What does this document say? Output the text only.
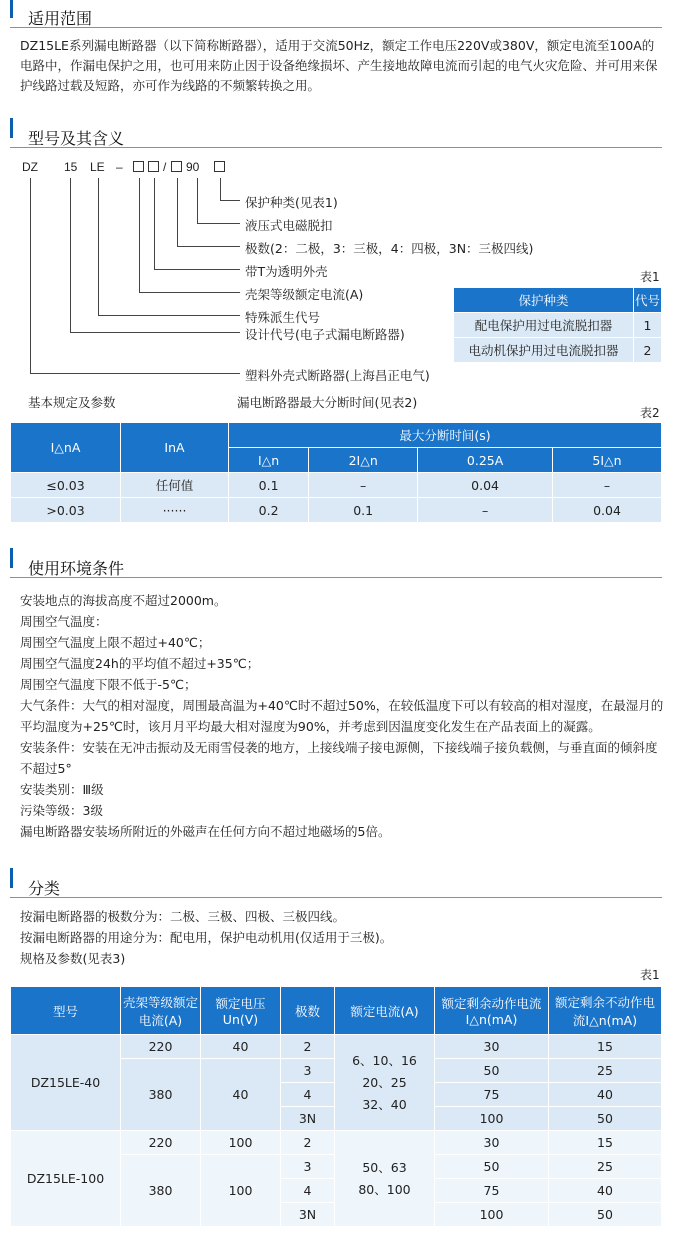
适用范围
DZ15LE系列漏电断路器（以下简称断路器），适用于交流50Hz，额定工作电压220V或380V，额定电流至100A的电路中，作漏电保护之用，也可用来防止因于设备绝缘损坏、产生接地故障电流而引起的电气火灾危险、并可用来保护线路过载及短路，亦可作为线路的不频繁转换之用。
型号及其含义
DZ 15 LE –	/ 90
保护种类(见表1)
液压式电磁脱扣
极数(2：二极，3：三极，4：四极，3N：三极四线)
带T为透明外壳
壳架等级额定电流(A)
特殊派生代号
设计代号(电子式漏电断路器)
塑料外壳式断路器(上海昌正电气)
表1
保护种类	代号
配电保护用过电流脱扣器	1
电动机保护用过电流脱扣器	2
基本规定及参数	漏电断路器最大分断时间(见表2)
表2
I△nA	InA	最大分断时间(s)			
		I△n	2I△n	0.25A	5I△n
≤0.03	任何值	0.1	–	0.04	–
>0.03	······	0.2	0.1	–	0.04
使用环境条件
安装地点的海拔高度不超过2000m。
周围空气温度：
周围空气温度上限不超过+40℃；
周围空气温度24h的平均值不超过+35℃；
周围空气温度下限不低于-5℃；
大气条件：大气的相对湿度，周围最高温为+40℃时不超过50%，在较低温度下可以有较高的相对湿度，在最湿月的平均温度为+25℃时，该月月平均最大相对湿度为90%，并考虑到因温度变化发生在产品表面上的凝露。
安装条件：安装在无冲击振动及无雨雪侵袭的地方，上接线端子接电源侧，下接线端子接负载侧，与垂直面的倾斜度不超过5°
安装类别：Ⅲ级
污染等级：3级
漏电断路器安装场所附近的外磁声在任何方向不超过地磁场的5倍。
分类
按漏电断路器的极数分为：二极、三极、四极、三极四线。
按漏电断路器的用途分为：配电用，保护电动机用(仅适用于三极)。
规格及参数(见表3)
表1
型号	壳架等级额定电流(A)	额定电压Un(V)	极数	额定电流(A)	额定剩余动作电流I△n(mA)	额定剩余不动作电流I△n(mA)
DZ15LE-40	220	40	2	6、10、16
20、25
32、40	30	15
	380	40	3		50	25
			4		75	40
			3N		100	50
DZ15LE-100	220	100	2	50、63
80、100	30	15
	380	100	3		50	25
			4		75	40
			3N		100	50
